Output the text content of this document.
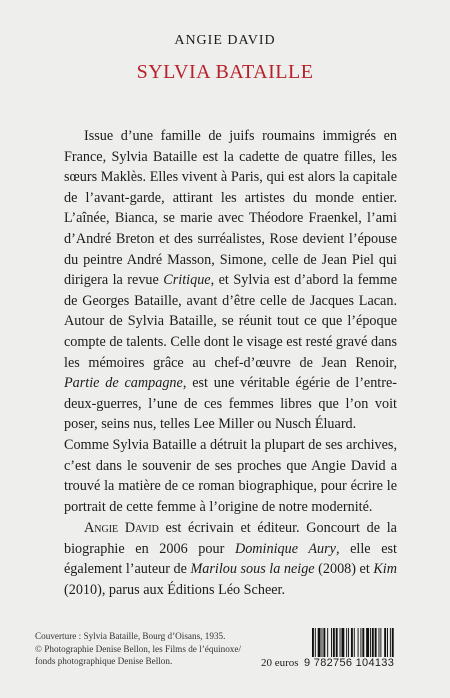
ANGIE DAVID
SYLVIA BATAILLE

Issue d’une famille de juifs roumains immigrés en France, Sylvia Bataille est la cadette de quatre filles, les sœurs Maklès. Elles vivent à Paris, qui est alors la capitale de l’avant-garde, attirant les artistes du monde entier. L’aînée, Bianca, se marie avec Théodore Fraenkel, l’ami d’André Breton et des surréalistes, Rose devient l’épouse du peintre André Masson, Simone, celle de Jean Piel qui dirigera la revue Critique, et Sylvia est d’abord la femme de Georges Bataille, avant d’être celle de Jacques Lacan. Autour de Sylvia Bataille, se réunit tout ce que l’époque compte de talents. Celle dont le visage est resté gravé dans les mémoires grâce au chef-d’œuvre de Jean Renoir, Partie de campagne, est une véritable égérie de l’entre-deux-guerres, l’une de ces femmes libres que l’on voit poser, seins nus, telles Lee Miller ou Nusch Éluard.

Comme Sylvia Bataille a détruit la plupart de ses archives, c’est dans le souvenir de ses proches que Angie David a trouvé la matière de ce roman biographique, pour écrire le portrait de cette femme à l’origine de notre modernité.

Angie David est écrivain et éditeur. Goncourt de la biographie en 2006 pour Dominique Aury, elle est également l’auteur de Marilou sous la neige (2008) et Kim (2010), parus aux Éditions Léo Scheer.
Couverture : Sylvia Bataille, Bourg d’Oisans, 1935.
© Photographie Denise Bellon, les Films de l’équinoxe/
fonds photographique Denise Bellon.	20 euros 9 782756 104133
